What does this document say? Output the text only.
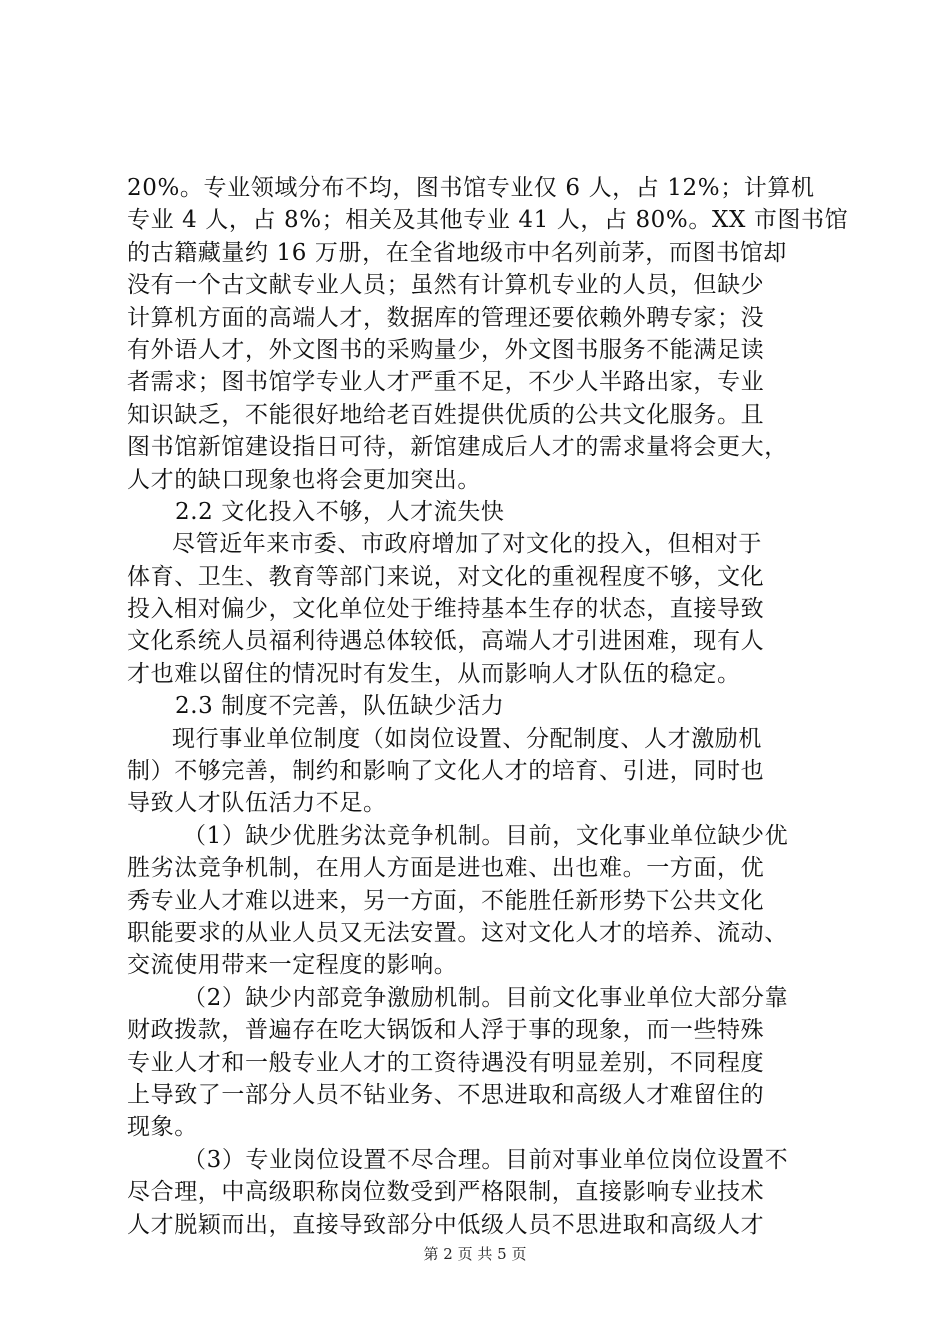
20%。专业领域分布不均，图书馆专业仅 6 人，占 12%；计算机
专业 4 人，占 8%；相关及其他专业 41 人，占 80%。XX 市图书馆
的古籍藏量约 16 万册，在全省地级市中名列前茅，而图书馆却
没有一个古文献专业人员；虽然有计算机专业的人员，但缺少
计算机方面的高端人才，数据库的管理还要依赖外聘专家；没
有外语人才，外文图书的采购量少，外文图书服务不能满足读
者需求；图书馆学专业人才严重不足，不少人半路出家，专业
知识缺乏，不能很好地给老百姓提供优质的公共文化服务。且
图书馆新馆建设指日可待，新馆建成后人才的需求量将会更大，
人才的缺口现象也将会更加突出。
2.2 文化投入不够，人才流失快
尽管近年来市委、市政府增加了对文化的投入，但相对于
体育、卫生、教育等部门来说，对文化的重视程度不够，文化
投入相对偏少，文化单位处于维持基本生存的状态，直接导致
文化系统人员福利待遇总体较低，高端人才引进困难，现有人
才也难以留住的情况时有发生，从而影响人才队伍的稳定。
2.3 制度不完善，队伍缺少活力
现行事业单位制度（如岗位设置、分配制度、人才激励机
制）不够完善，制约和影响了文化人才的培育、引进，同时也
导致人才队伍活力不足。
（1）缺少优胜劣汰竞争机制。目前，文化事业单位缺少优
胜劣汰竞争机制，在用人方面是进也难、出也难。一方面，优
秀专业人才难以进来，另一方面，不能胜任新形势下公共文化
职能要求的从业人员又无法安置。这对文化人才的培养、流动、
交流使用带来一定程度的影响。
（2）缺少内部竞争激励机制。目前文化事业单位大部分靠
财政拨款，普遍存在吃大锅饭和人浮于事的现象，而一些特殊
专业人才和一般专业人才的工资待遇没有明显差别，不同程度
上导致了一部分人员不钻业务、不思进取和高级人才难留住的
现象。
（3）专业岗位设置不尽合理。目前对事业单位岗位设置不
尽合理，中高级职称岗位数受到严格限制，直接影响专业技术
人才脱颖而出，直接导致部分中低级人员不思进取和高级人才
第 2 页 共 5 页
